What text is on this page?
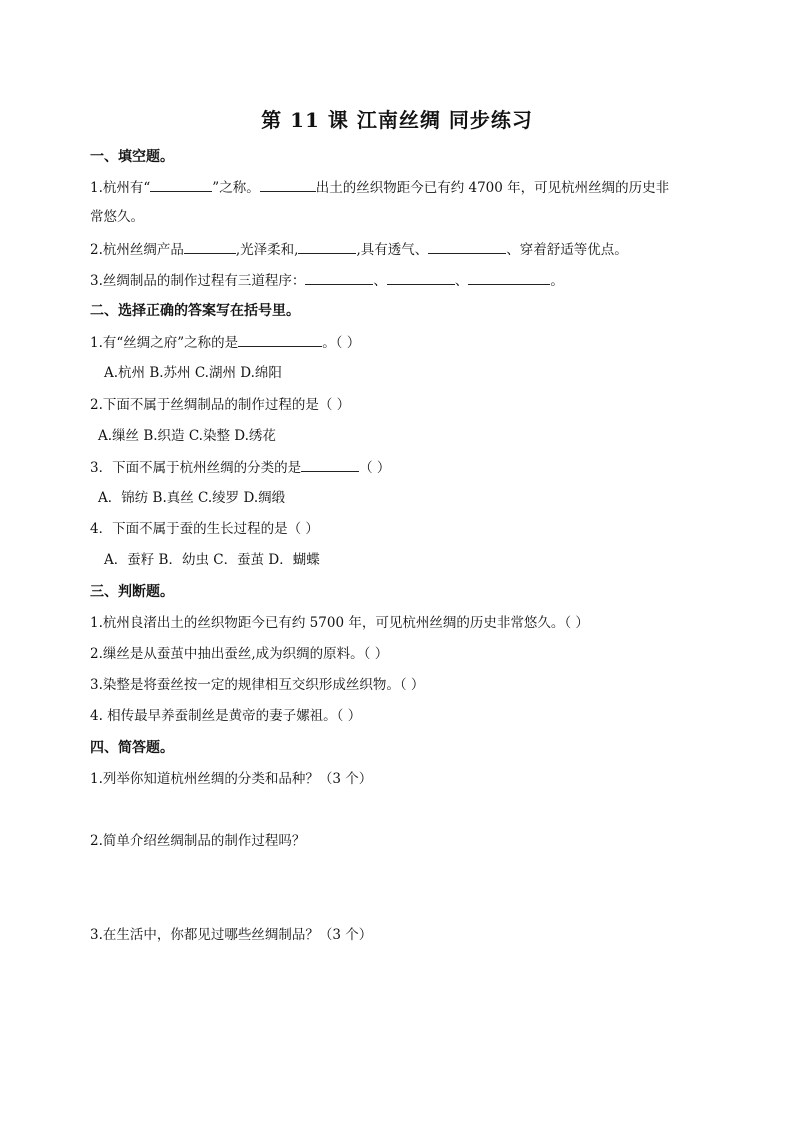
第 11 课 江南丝绸 同步练习
一、填空题。
1.杭州有“	”之称。	出土的丝织物距今已有约 4700 年，可见杭州丝绸的历史非
常悠久。
2.杭州丝绸产品	,光泽柔和,	,具有透气、	、穿着舒适等优点。
3.丝绸制品的制作过程有三道程序：	、	、	。
二、选择正确的答案写在括号里。
1.有“丝绸之府”之称的是	。（ ）
A.杭州 B.苏州 C.湖州 D.绵阳
2.下面不属于丝绸制品的制作过程的是（ ）
A.缫丝 B.织造 C.染整 D.绣花
3．下面不属于杭州丝绸的分类的是	（ ）
A．锦纺 B.真丝 C.绫罗 D.绸缎
4．下面不属于蚕的生长过程的是（ ）
A．蚕籽 B．幼虫 C．蚕茧 D．蝴蝶
三、判断题。
1.杭州良渚出土的丝织物距今已有约 5700 年，可见杭州丝绸的历史非常悠久。（ ）
2.缫丝是从蚕茧中抽出蚕丝,成为织绸的原料。（ ）
3.染整是将蚕丝按一定的规律相互交织形成丝织物。（ ）
4. 相传最早养蚕制丝是黄帝的妻子嫘祖。（ ）
四、简答题。
1.列举你知道杭州丝绸的分类和品种？（3 个）
2.简单介绍丝绸制品的制作过程吗？
3.在生活中，你都见过哪些丝绸制品？（3 个）
